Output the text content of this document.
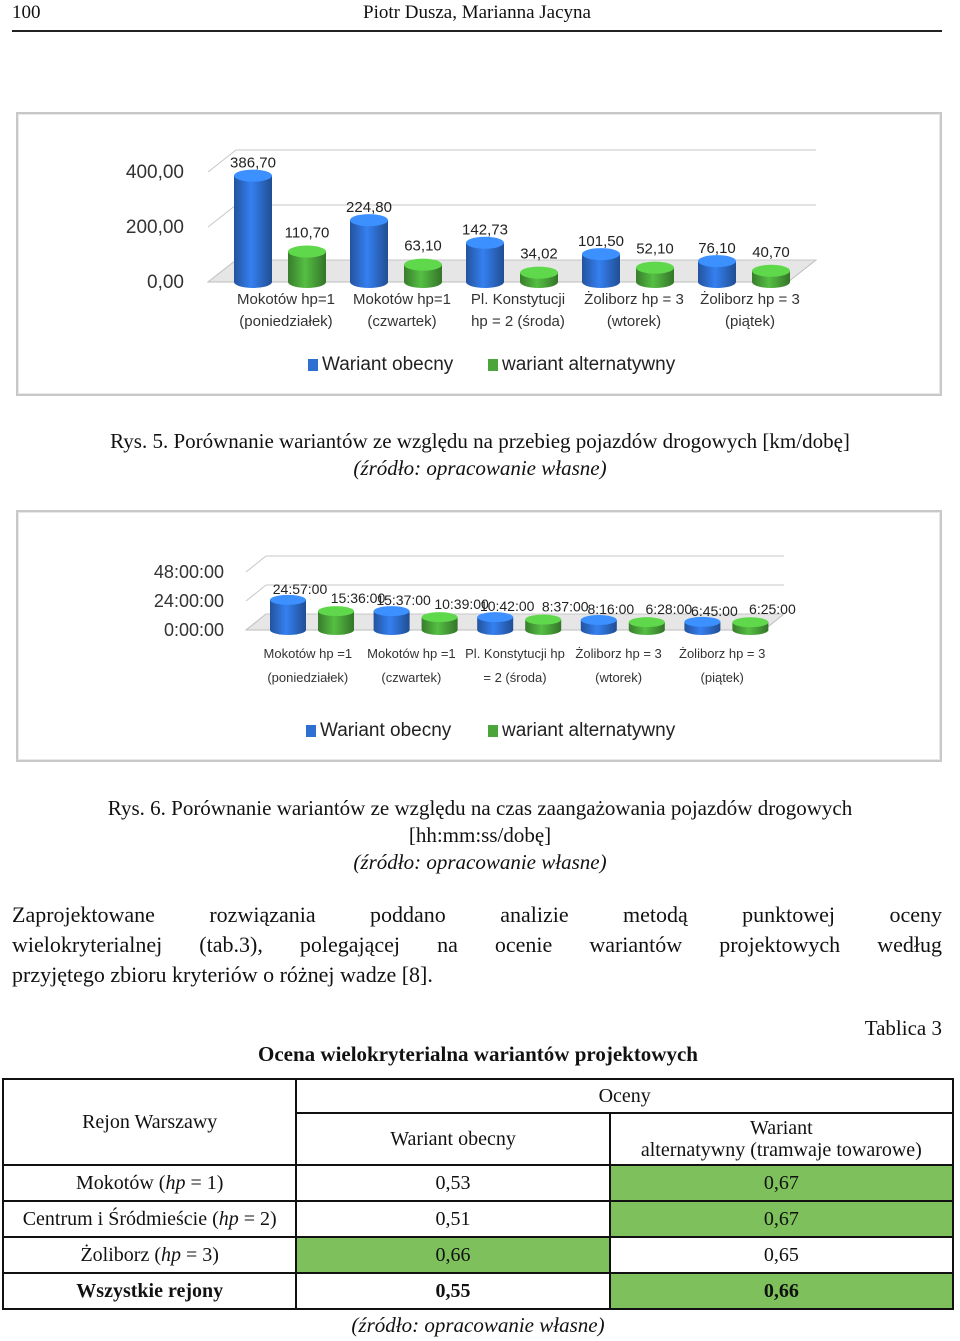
100	Piotr Dusza, Marianna Jacyna
0,00
200,00
400,00	386,70
110,70
Mokotów hp=1
(poniedziałek)
224,80
63,10
Mokotów hp=1
(czwartek)
142,73
34,02
Pl. Konstytucji
hp = 2 (środa)
101,50 52,10
Żoliborz hp = 3
(wtorek)
76,10 40,70
Żoliborz hp = 3
(piątek)
Wariant obecny	wariant alternatywny
Rys. 5. Porównanie wariantów ze względu na przebieg pojazdów drogowych [km/dobę]
(źródło: opracowanie własne)
0:00:00
24:00:00
48:00:00
24:57:00
15:36:00
Mokotów hp =1
(poniedziałek)
15:37:00 10:39:00
Mokotów hp =1
(czwartek)
10:42:00 8:37:00
Pl. Konstytucji hp
= 2 (środa)
8:16:00 6:28:00
Żoliborz hp = 3
(wtorek)
6:45:00 6:25:00
Żoliborz hp = 3
(piątek)
Wariant obecny	wariant alternatywny
Rys. 6. Porównanie wariantów ze względu na czas zaangażowania pojazdów drogowych
[hh:mm:ss/dobę]
(źródło: opracowanie własne)
Zaprojektowane rozwiązania poddano analizie metodą punktowej oceny
wielokryterialnej (tab.3), polegającej na ocenie wariantów projektowych według
przyjętego zbioru kryteriów o różnej wadze [8].
Tablica 3
Ocena wielokryterialna wariantów projektowych
Rejon Warszawy	Oceny	
	Wariant obecny	Wariant
alternatywny (tramwaje towarowe)

Mokotów (hp = 1)	0,53	0,67
Centrum i Śródmieście (hp = 2)	0,51	0,67
Żoliborz (hp = 3)	0,66	0,65
Wszystkie rejony	0,55	0,66
(źródło: opracowanie własne)
